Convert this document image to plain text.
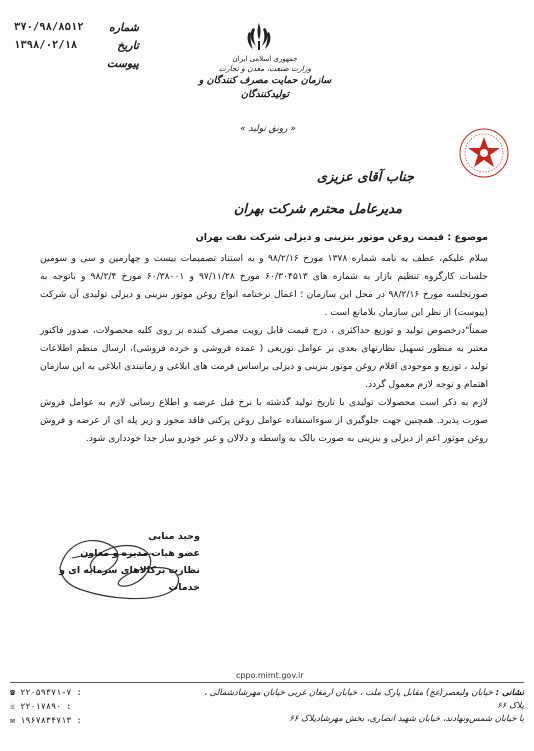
۳۷۰/۹۸/۸۵۱۲ شماره
۱۳۹۸/۰۲/۱۸	تاریخ
پیوست	جمهوری اسلامی ایران
وزارت صنعت، معدن و تجارت
سازمان حمایت مصرف کنندگان و تولیدکنندگان
« رونق تولید »
جناب آقای عزیزی
مدیرعامل محترم شرکت بهران
موضوع : قیمت روغن موتور بنزینی و دیزلی شرکت نفت بهران

سلام علیکم، عطف به نامه شماره ۱۳۷۸ مورخ ۹۸/۲/۱۶ و به استناد تصمیمات بیست و چهارمین و سی و سومین جلسات کارگروه تنظیم بازار به شماره های ۶۰/۳۰۴۵۱۳ مورخ ۹۷/۱۱/۲۸ و ۶۰/۳۸۰۰۱ مورخ ۹۸/۲/۴ و باتوجه به صورتجلسه مورخ ۹۸/۲/۱۶ در محل این سازمان ؛ اعمال نرخنامه انواع روغن موتور بنزینی و دیزلی تولیدی آن شرکت (پیوست) از نظر این سازمان بلامانع است .

ضمناً"درخصوص تولید و توزیع حداکثری ، درج قیمت قابل رویت مصرف کننده بر روی کلیه محصولات، صدور فاکتور معتبر به منظور تسهیل نظارتهای بعدی بر عوامل توزیعی ( عمده فروشی و خرده فروشی)، ارسال منظم اطلاعات تولید ، توزیع و موجودی اقلام روغن موتور بنزینی و دیزلی براساس فرمت های ابلاغی و زمانبندی ابلاغی به این سازمان اهتمام و توجه لازم معمول گردد.

لازم به ذکر است محصولات تولیدی با تاریخ تولید گذشته با نرخ قبل عرضه و اطلاع رسانی لازم به عوامل فروش صورت پذیرد. همچنین جهت جلوگیری از سوءاستفاده عوامل روغن پرکنی فاقد مجوز و زیر پله ای از عرضه و فروش روغن موتور اعم از دیزلی و بنزینی به صورت بالک به واسطه و دلالان و غیر خودرو ساز جدا خودداری شود.

وحید منابی
عضو هیات مدیره و معاون
نظارت برکالاهای سرمایه ای و خدمات
cppo.mimt.gov.ir
☎ ۲۲۰۵۹۳۷۱-۷ :
☏ ۲۲۰۱۷۸۹۰ :
✉ ۱۹۶۷۸۳۴۷۱۳ :
نشانی : خیابان ولیعصر(عج) مقابل پارک ملت ، خیابان ارمغان غربی خیابان مهرشادشمالی ، پلاک ۶۶
یا خیابان شمس‌ونهادند، خیابان شهید انصاری، بخش مهرشادپلاک ۶۶
